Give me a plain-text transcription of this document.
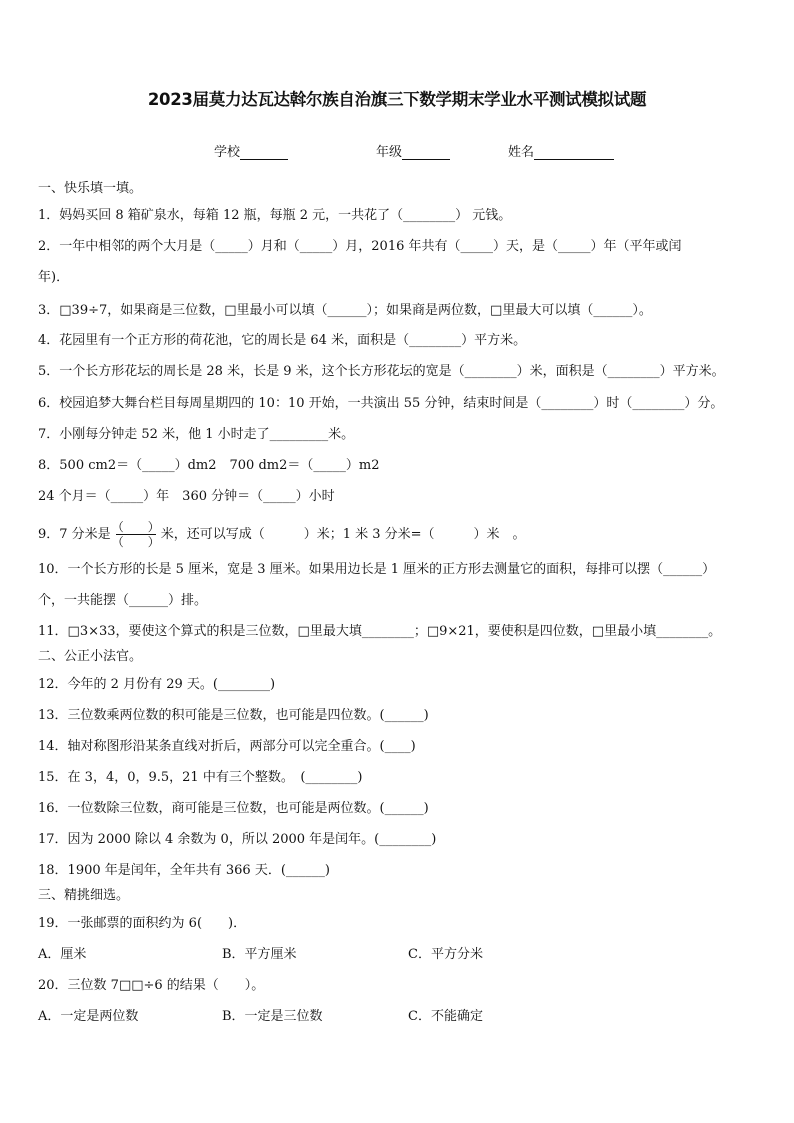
2023届莫力达瓦达斡尔族自治旗三下数学期末学业水平测试模拟试题
学校	年级	姓名
一、快乐填一填。
1．妈妈买回 8 箱矿泉水，每箱 12 瓶，每瓶 2 元，一共花了（________） 元钱。
2．一年中相邻的两个大月是（_____）月和（_____）月，2016 年共有（_____）天，是（_____）年（平年或闰
年)．
3．□39÷7，如果商是三位数，□里最小可以填（______）；如果商是两位数，□里最大可以填（______）。
4．花园里有一个正方形的荷花池，它的周长是 64 米，面积是（________）平方米。
5．一个长方形花坛的周长是 28 米，长是 9 米，这个长方形花坛的宽是（________）米，面积是（________）平方米。
6．校园追梦大舞台栏目每周星期四的 10：10 开始，一共演出 55 分钟，结束时间是（________）时（________）分。
7．小刚每分钟走 52 米，他 1 小时走了_________米。
8．500 cm2＝（_____）dm2　700 dm2＝（_____）m2
24 个月＝（_____）年　360 分钟＝（_____）小时
9．7 分米是 $\frac{( )}{( )}$ 米，还可以写成（　　　）米；1 米 3 分米=（　　　）米　。
10．一个长方形的长是 5 厘米，宽是 3 厘米。如果用边长是 1 厘米的正方形去测量它的面积，每排可以摆（______）
个，一共能摆（______）排。
11．□3×33，要使这个算式的积是三位数，□里最大填________；□9×21，要使积是四位数，□里最小填________。
二、公正小法官。
12．今年的 2 月份有 29 天。(________)
13．三位数乘两位数的积可能是三位数，也可能是四位数。(______)
14．轴对称图形沿某条直线对折后，两部分可以完全重合。(____)
15．在 3，4，0，9.5，21 中有三个整数。　(________)
16．一位数除三位数，商可能是三位数，也可能是两位数。(______)
17．因为 2000 除以 4 余数为 0，所以 2000 年是闰年。(________)
18．1900 年是闰年，全年共有 366 天．(______)
三、精挑细选。
19．一张邮票的面积约为 6(　　)．
A．厘米	B．平方厘米	C．平方分米
20．三位数 7□□÷6 的结果（　　）。
A．一定是两位数	B．一定是三位数	C．不能确定
